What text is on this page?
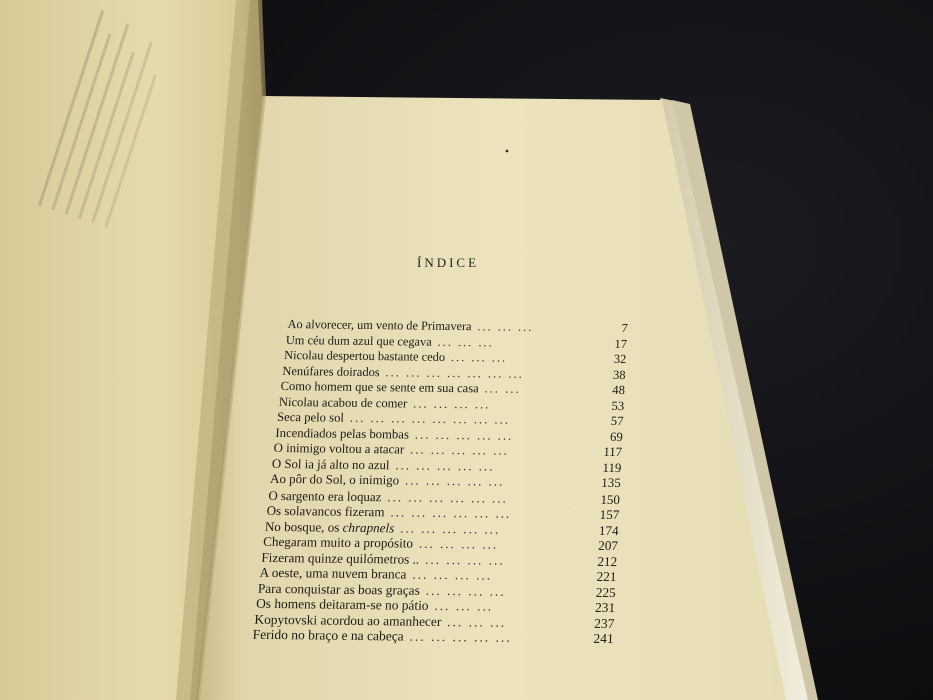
ÍNDICE
Ao alvorecer, um vento de Primavera ... ... ...	7
Um céu dum azul que cegava ... ... ...	17
Nicolau despertou bastante cedo ... ... ...	32
Nenúfares doirados ... ... ... ... ... ... ...	38
Como homem que se sente em sua casa ... ...	48
Nicolau acabou de comer ... ... ... ...	53
Seca pelo sol ... ... ... ... ... ... ... ...	57
Incendiados pelas bombas ... ... ... ... ...	69
O inimigo voltou a atacar ... ... ... ... ...	117
O Sol ia já alto no azul ... ... ... ... ...	119
Ao pôr do Sol, o inimigo ... ... ... ... ...	135
O sargento era loquaz ... ... ... ... ... ...	150
Os solavancos fizeram ... ... ... ... ... ...	157
No bosque, os chrapnels ... ... ... ... ...	174
Chegaram muito a propósito ... ... ... ...	207
Fizeram quinze quilómetros .. ... ... ... ...	212
A oeste, uma nuvem branca ... ... ... ...	221
Para conquistar as boas graças ... ... ... ...	225
Os homens deitaram-se no pátio ... ... ...	231
Kopytovski acordou ao amanhecer ... ... ...	237
Ferido no braço e na cabeça ... ... ... ... ...	241
